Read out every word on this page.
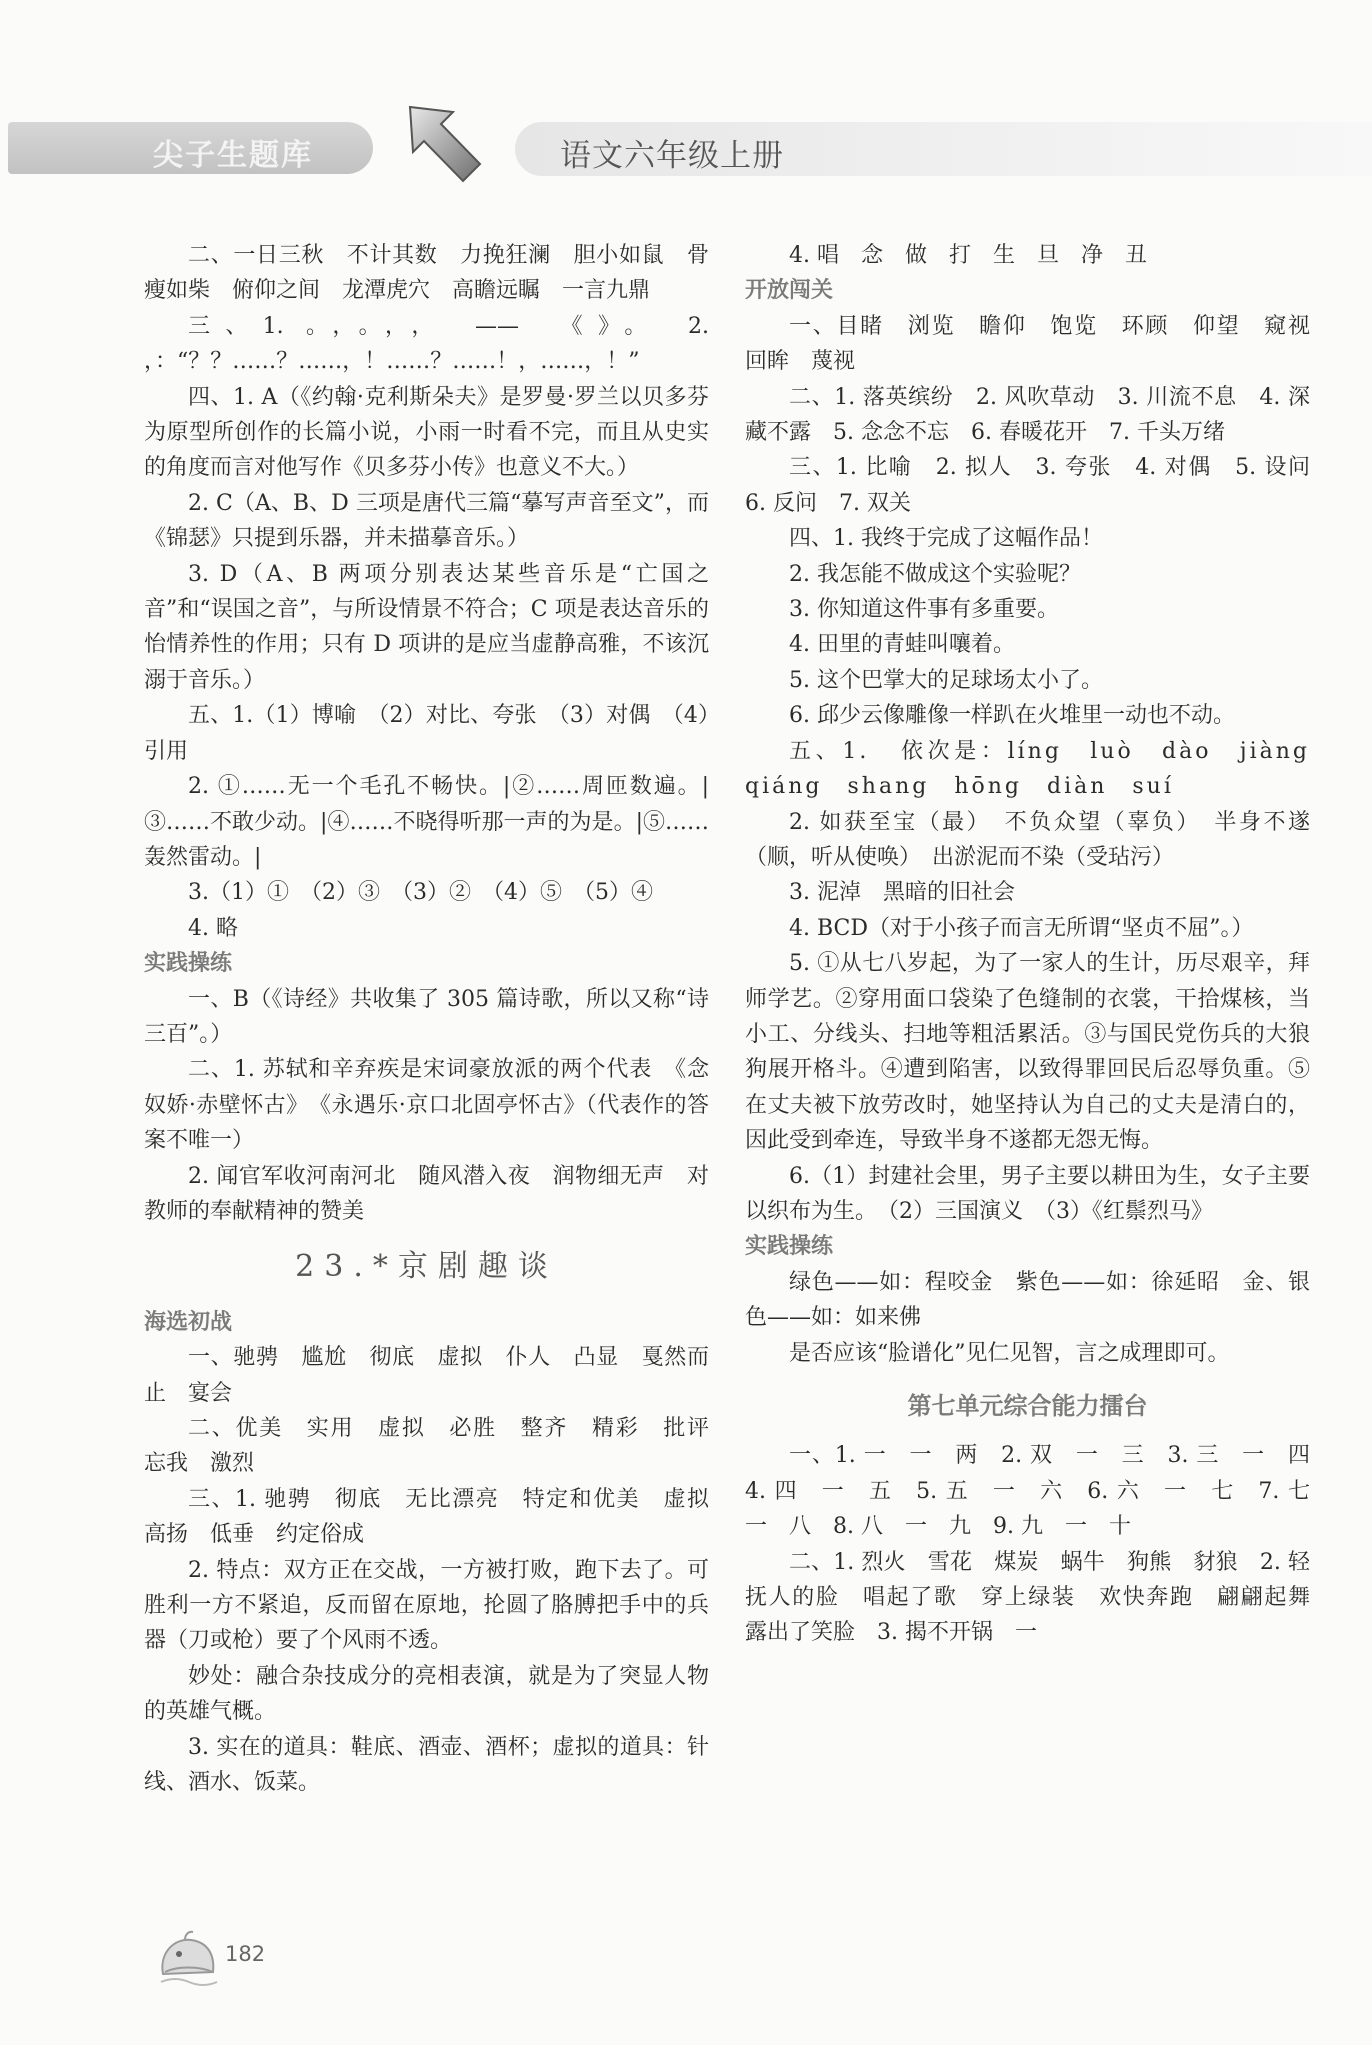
尖子生题库	语文六年级上册

二、一日三秋　不计其数　力挽狂澜　胆小如鼠　骨瘦如柴　俯仰之间　龙潭虎穴　高瞻远瞩　一言九鼎

三、1. 。，。，，　——　《》。　2. ，：“？？……？……，！……？……！，……，！”

四、1. A（《约翰·克利斯朵夫》是罗曼·罗兰以贝多芬为原型所创作的长篇小说，小雨一时看不完，而且从史实的角度而言对他写作《贝多芬小传》也意义不大。）

2. C（A、B、D 三项是唐代三篇“摹写声音至文”，而《锦瑟》只提到乐器，并未描摹音乐。）

3. D（A、B 两项分别表达某些音乐是“亡国之音”和“误国之音”，与所设情景不符合；C 项是表达音乐的怡情养性的作用；只有 D 项讲的是应当虚静高雅，不该沉溺于音乐。）

五、1.（1）博喻　（2）对比、夸张　（3）对偶　（4）引用

2. ①……无一个毛孔不畅快。|②……周匝数遍。|③……不敢少动。|④……不晓得听那一声的为是。|⑤……轰然雷动。|

3.（1）①　（2）③　（3）②　（4）⑤　（5）④

4. 略

实践操练

一、B（《诗经》共收集了 305 篇诗歌，所以又称“诗三百”。）

二、1. 苏轼和辛弃疾是宋词豪放派的两个代表　《念奴娇·赤壁怀古》　《永遇乐·京口北固亭怀古》（代表作的答案不唯一）

2. 闻官军收河南河北　随风潜入夜　润物细无声　对教师的奉献精神的赞美

23.*京剧趣谈

海选初战

一、驰骋　尴尬　彻底　虚拟　仆人　凸显　戛然而止　宴会

二、优美　实用　虚拟　必胜　整齐　精彩　批评　忘我　激烈

三、1. 驰骋　彻底　无比漂亮　特定和优美　虚拟　高扬　低垂　约定俗成

2. 特点：双方正在交战，一方被打败，跑下去了。可胜利一方不紧追，反而留在原地，抡圆了胳膊把手中的兵器（刀或枪）要了个风雨不透。

妙处：融合杂技成分的亮相表演，就是为了突显人物的英雄气概。

3. 实在的道具：鞋底、酒壶、酒杯；虚拟的道具：针线、酒水、饭菜。

4. 唱　念　做　打　生　旦　净　丑

开放闯关

一、目睹　浏览　瞻仰　饱览　环顾　仰望　窥视　回眸　蔑视

二、1. 落英缤纷　2. 风吹草动　3. 川流不息　4. 深藏不露　5. 念念不忘　6. 春暖花开　7. 千头万绪

三、1. 比喻　2. 拟人　3. 夸张　4. 对偶　5. 设问　6. 反问　7. 双关

四、1. 我终于完成了这幅作品！

2. 我怎能不做成这个实验呢？

3. 你知道这件事有多重要。

4. 田里的青蛙叫嚷着。

5. 这个巴掌大的足球场太小了。

6. 邱少云像雕像一样趴在火堆里一动也不动。

五、1. 依次是：líng　luò　dào　jiàng　qiáng　shang　hōng　diàn　suí

2. 如获至宝（最）　不负众望（辜负）　半身不遂（顺，听从使唤）　出淤泥而不染（受玷污）

3. 泥淖　黑暗的旧社会

4. BCD（对于小孩子而言无所谓“坚贞不屈”。）

5. ①从七八岁起，为了一家人的生计，历尽艰辛，拜师学艺。②穿用面口袋染了色缝制的衣裳，干拾煤核，当小工、分线头、扫地等粗活累活。③与国民党伤兵的大狼狗展开格斗。④遭到陷害，以致得罪回民后忍辱负重。⑤在丈夫被下放劳改时，她坚持认为自己的丈夫是清白的，因此受到牵连，导致半身不遂都无怨无悔。

6.（1）封建社会里，男子主要以耕田为生，女子主要以织布为生。　（2）三国演义　（3）《红鬃烈马》

实践操练

绿色——如：程咬金　紫色——如：徐延昭　金、银色——如：如来佛

是否应该“脸谱化”见仁见智，言之成理即可。

第七单元综合能力擂台

一、1. 一　一　两　2. 双　一　三　3. 三　一　四　4. 四　一　五　5. 五　一　六　6. 六　一　七　7. 七　一　八　8. 八　一　九　9. 九　一　十

二、1. 烈火　雪花　煤炭　蜗牛　狗熊　豺狼　2. 轻抚人的脸　唱起了歌　穿上绿装　欢快奔跑　翩翩起舞　露出了笑脸　3. 揭不开锅　一

182
